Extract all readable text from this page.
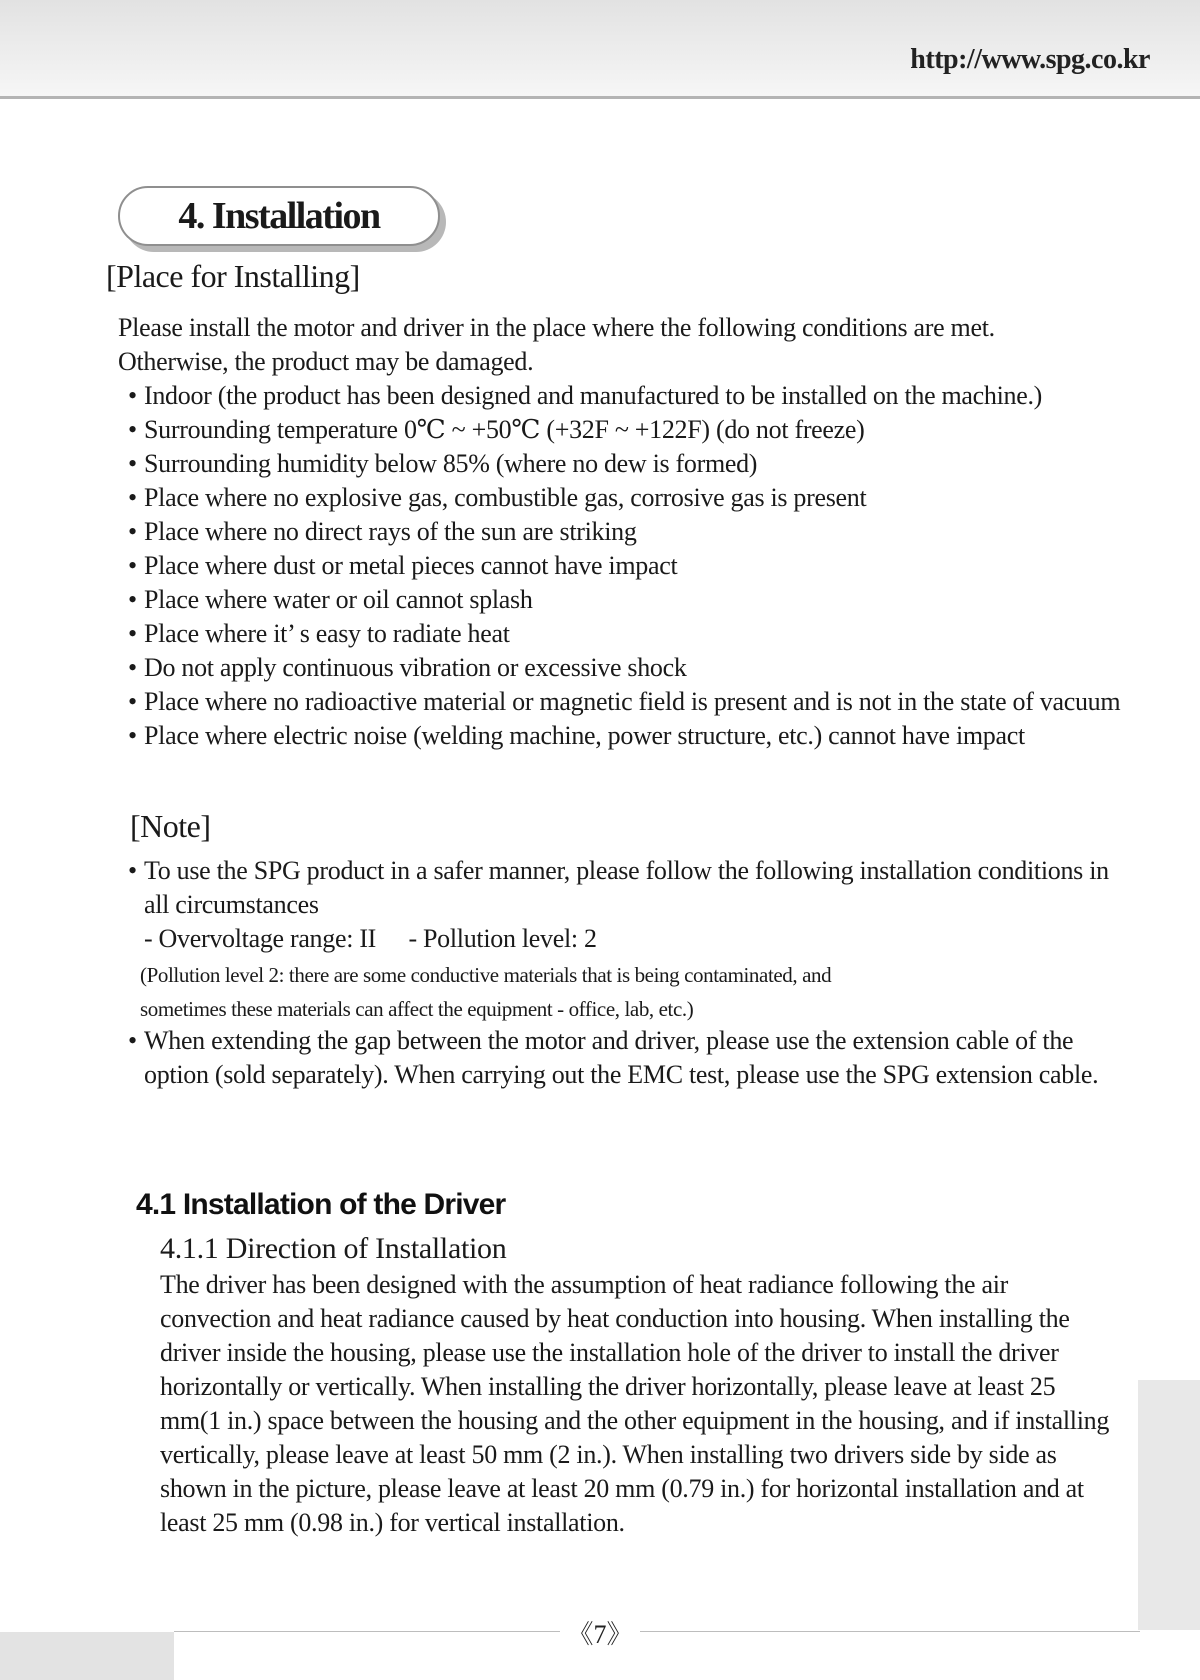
http://www.spg.co.kr
4. Installation
[Place for Installing]
Please install the motor and driver in the place where the following conditions are met.
Otherwise, the product may be damaged.
• Indoor (the product has been designed and manufactured to be installed on the machine.)
• Surrounding temperature 0℃ ~ +50℃ (+32F ~ +122F) (do not freeze)
• Surrounding humidity below 85% (where no dew is formed)
• Place where no explosive gas, combustible gas, corrosive gas is present
• Place where no direct rays of the sun are striking
• Place where dust or metal pieces cannot have impact
• Place where water or oil cannot splash
• Place where it’ s easy to radiate heat
• Do not apply continuous vibration or excessive shock
• Place where no radioactive material or magnetic field is present and is not in the state of vacuum
• Place where electric noise (welding machine, power structure, etc.) cannot have impact
[Note]
• To use the SPG product in a safer manner, please follow the following installation conditions in all circumstances
- Overvoltage range: II - Pollution level: 2
(Pollution level 2: there are some conductive materials that is being contaminated, and
sometimes these materials can affect the equipment - office, lab, etc.)
• When extending the gap between the motor and driver, please use the extension cable of the option (sold separately). When carrying out the EMC test, please use the SPG extension cable.
4.1 Installation of the Driver
4.1.1 Direction of Installation
The driver has been designed with the assumption of heat radiance following the air convection and heat radiance caused by heat conduction into housing. When installing the driver inside the housing, please use the installation hole of the driver to install the driver horizontally or vertically. When installing the driver horizontally, please leave at least 25 mm(1 in.) space between the housing and the other equipment in the housing, and if installing vertically, please leave at least 50 mm (2 in.). When installing two drivers side by side as shown in the picture, please leave at least 20 mm (0.79 in.) for horizontal installation and at least 25 mm (0.98 in.) for vertical installation.
《7》
